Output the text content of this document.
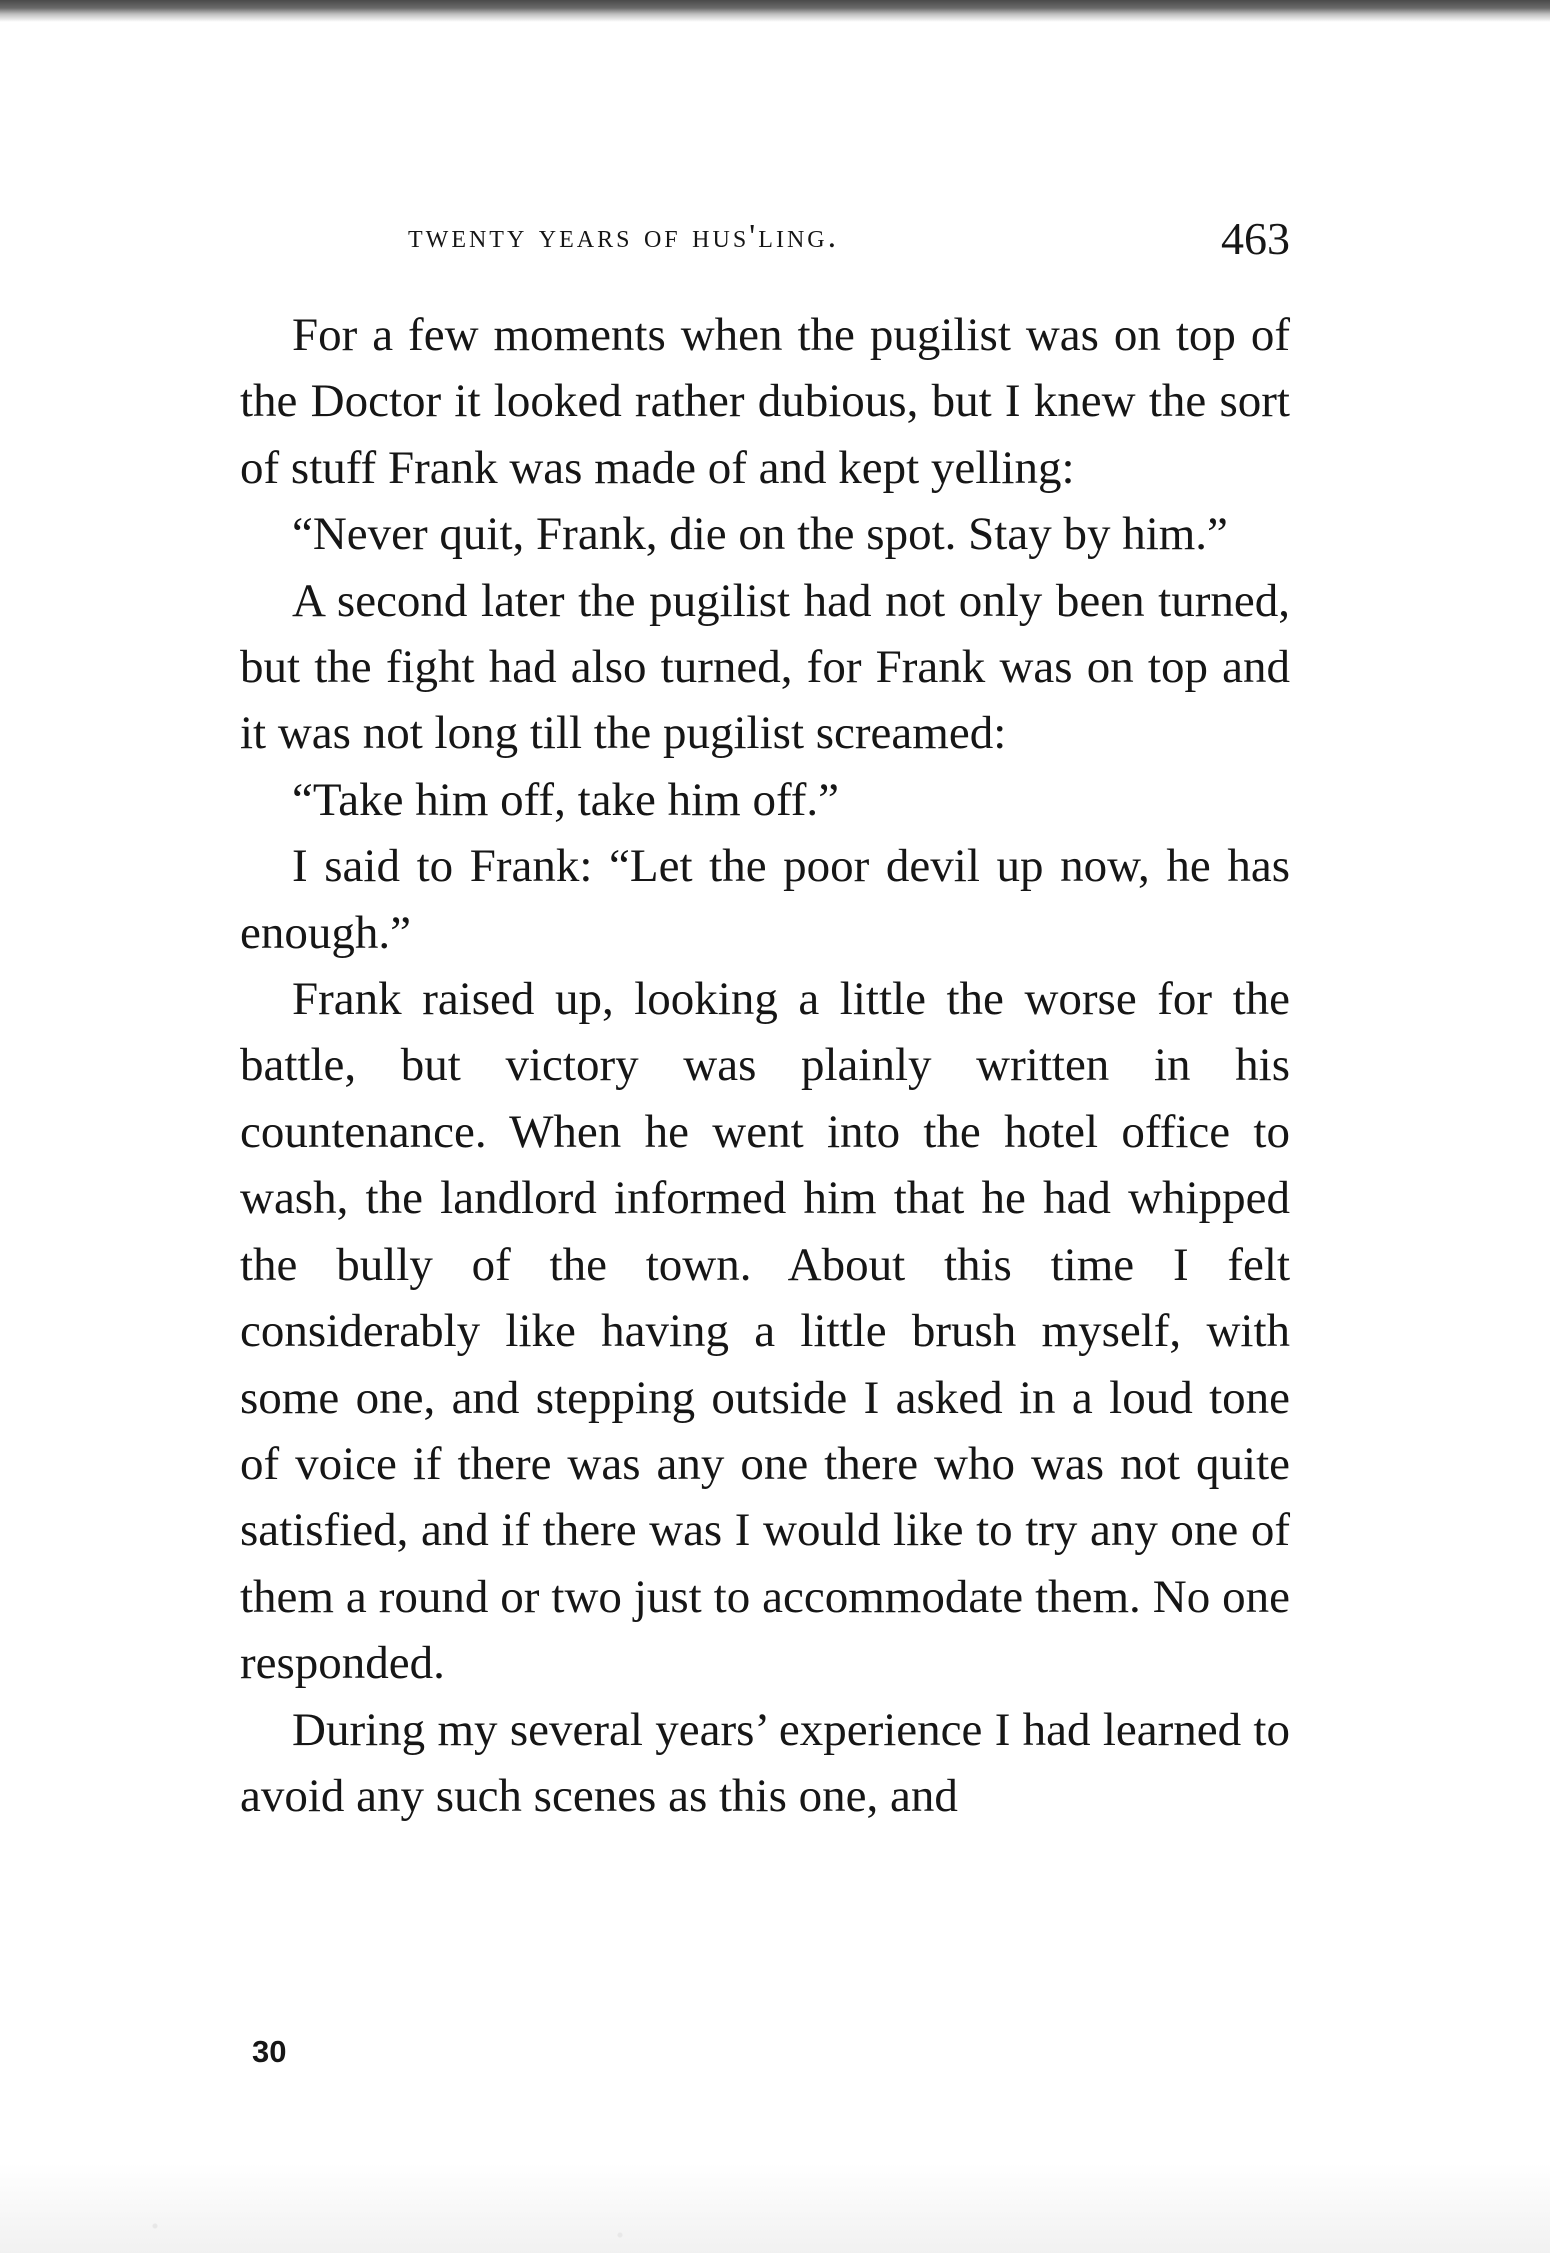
twenty years of hus'ling.	463

For a few moments when the pugilist was on top of the Doctor it looked rather dubious, but I knew the sort of stuff Frank was made of and kept yelling:

“Never quit, Frank, die on the spot. Stay by him.”

A second later the pugilist had not only been turned, but the fight had also turned, for Frank was on top and it was not long till the pugilist screamed:

“Take him off, take him off.”

I said to Frank: “Let the poor devil up now, he has enough.”

Frank raised up, looking a little the worse for the battle, but victory was plainly written in his countenance. When he went into the hotel office to wash, the landlord informed him that he had whipped the bully of the town. About this time I felt considerably like having a little brush myself, with some one, and stepping outside I asked in a loud tone of voice if there was any one there who was not quite satisfied, and if there was I would like to try any one of them a round or two just to accommodate them. No one responded.

During my several years’ experience I had learned to avoid any such scenes as this one, and

30
